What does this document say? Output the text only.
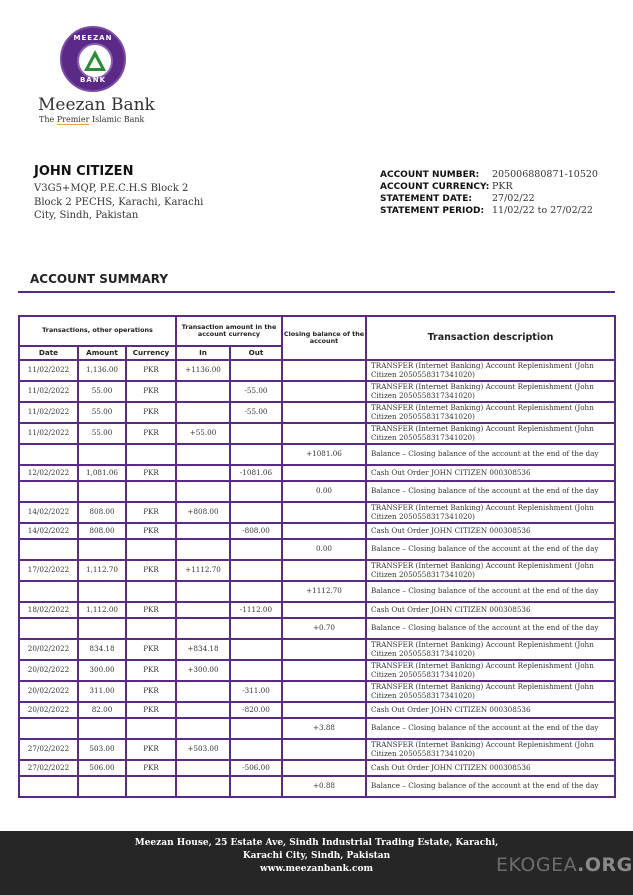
MEEZAN
BANK
Meezan Bank
The Premier Islamic Bank
JOHN CITIZEN
V3G5+MQP, P.E.C.H.S Block 2
Block 2 PECHS, Karachi, Karachi
City, Sindh, Pakistan
ACCOUNT NUMBER: 205006880871-10520
ACCOUNT CURRENCY: PKR
STATEMENT DATE: 27/02/22
STATEMENT PERIOD: 11/02/22 to 27/02/22
ACCOUNT SUMMARY
Transactions, other operations			Transaction amount in the account currency		Closing balance of the account	Transaction description
Date	Amount	Currency	In	Out		
11/02/2022	1,136.00	PKR	+1136.00			TRANSFER (Internet Banking) Account Replenishment (John Citizen 2050558317341020)
11/02/2022	55.00	PKR		-55.00		TRANSFER (Internet Banking) Account Replenishment (John Citizen 2050558317341020)
11/02/2022	55.00	PKR		-55.00		TRANSFER (Internet Banking) Account Replenishment (John Citizen 2050558317341020)
11/02/2022	55.00	PKR	+55.00			TRANSFER (Internet Banking) Account Replenishment (John Citizen 2050558317341020)
					+1081.06	Balance – Closing balance of the account at the end of the day
12/02/2022	1,081.06	PKR		-1081.06		Cash Out Order JOHN CITIZEN 000308536
					0.00	Balance – Closing balance of the account at the end of the day
14/02/2022	808.00	PKR	+808.00			TRANSFER (Internet Banking) Account Replenishment (John Citizen 2050558317341020)
14/02/2022	808.00	PKR		-808.00		Cash Out Order JOHN CITIZEN 000308536
					0.00	Balance – Closing balance of the account at the end of the day
17/02/2022	1,112.70	PKR	+1112.70			TRANSFER (Internet Banking) Account Replenishment (John Citizen 2050558317341020)
					+1112.70	Balance – Closing balance of the account at the end of the day
18/02/2022	1,112.00	PKR		-1112.00		Cash Out Order JOHN CITIZEN 000308536
					+0.70	Balance – Closing balance of the account at the end of the day
20/02/2022	834.18	PKR	+834.18			TRANSFER (Internet Banking) Account Replenishment (John Citizen 2050558317341020)
20/02/2022	300.00	PKR	+300.00			TRANSFER (Internet Banking) Account Replenishment (John Citizen 2050558317341020)
20/02/2022	311.00	PKR		-311.00		TRANSFER (Internet Banking) Account Replenishment (John Citizen 2050558317341020)
20/02/2022	82.00	PKR		-820.00		Cash Out Order JOHN CITIZEN 000308536
					+3.88	Balance – Closing balance of the account at the end of the day
27/02/2022	503.00	PKR	+503.00			TRANSFER (Internet Banking) Account Replenishment (John Citizen 2050558317341020)
27/02/2022	506.00	PKR		-506.00		Cash Out Order JOHN CITIZEN 000308536
					+0.88	Balance – Closing balance of the account at the end of the day
Meezan House, 25 Estate Ave, Sindh Industrial Trading Estate, Karachi,
Karachi City, Sindh, Pakistan
www.meezanbank.com	EKOGEA.ORG
